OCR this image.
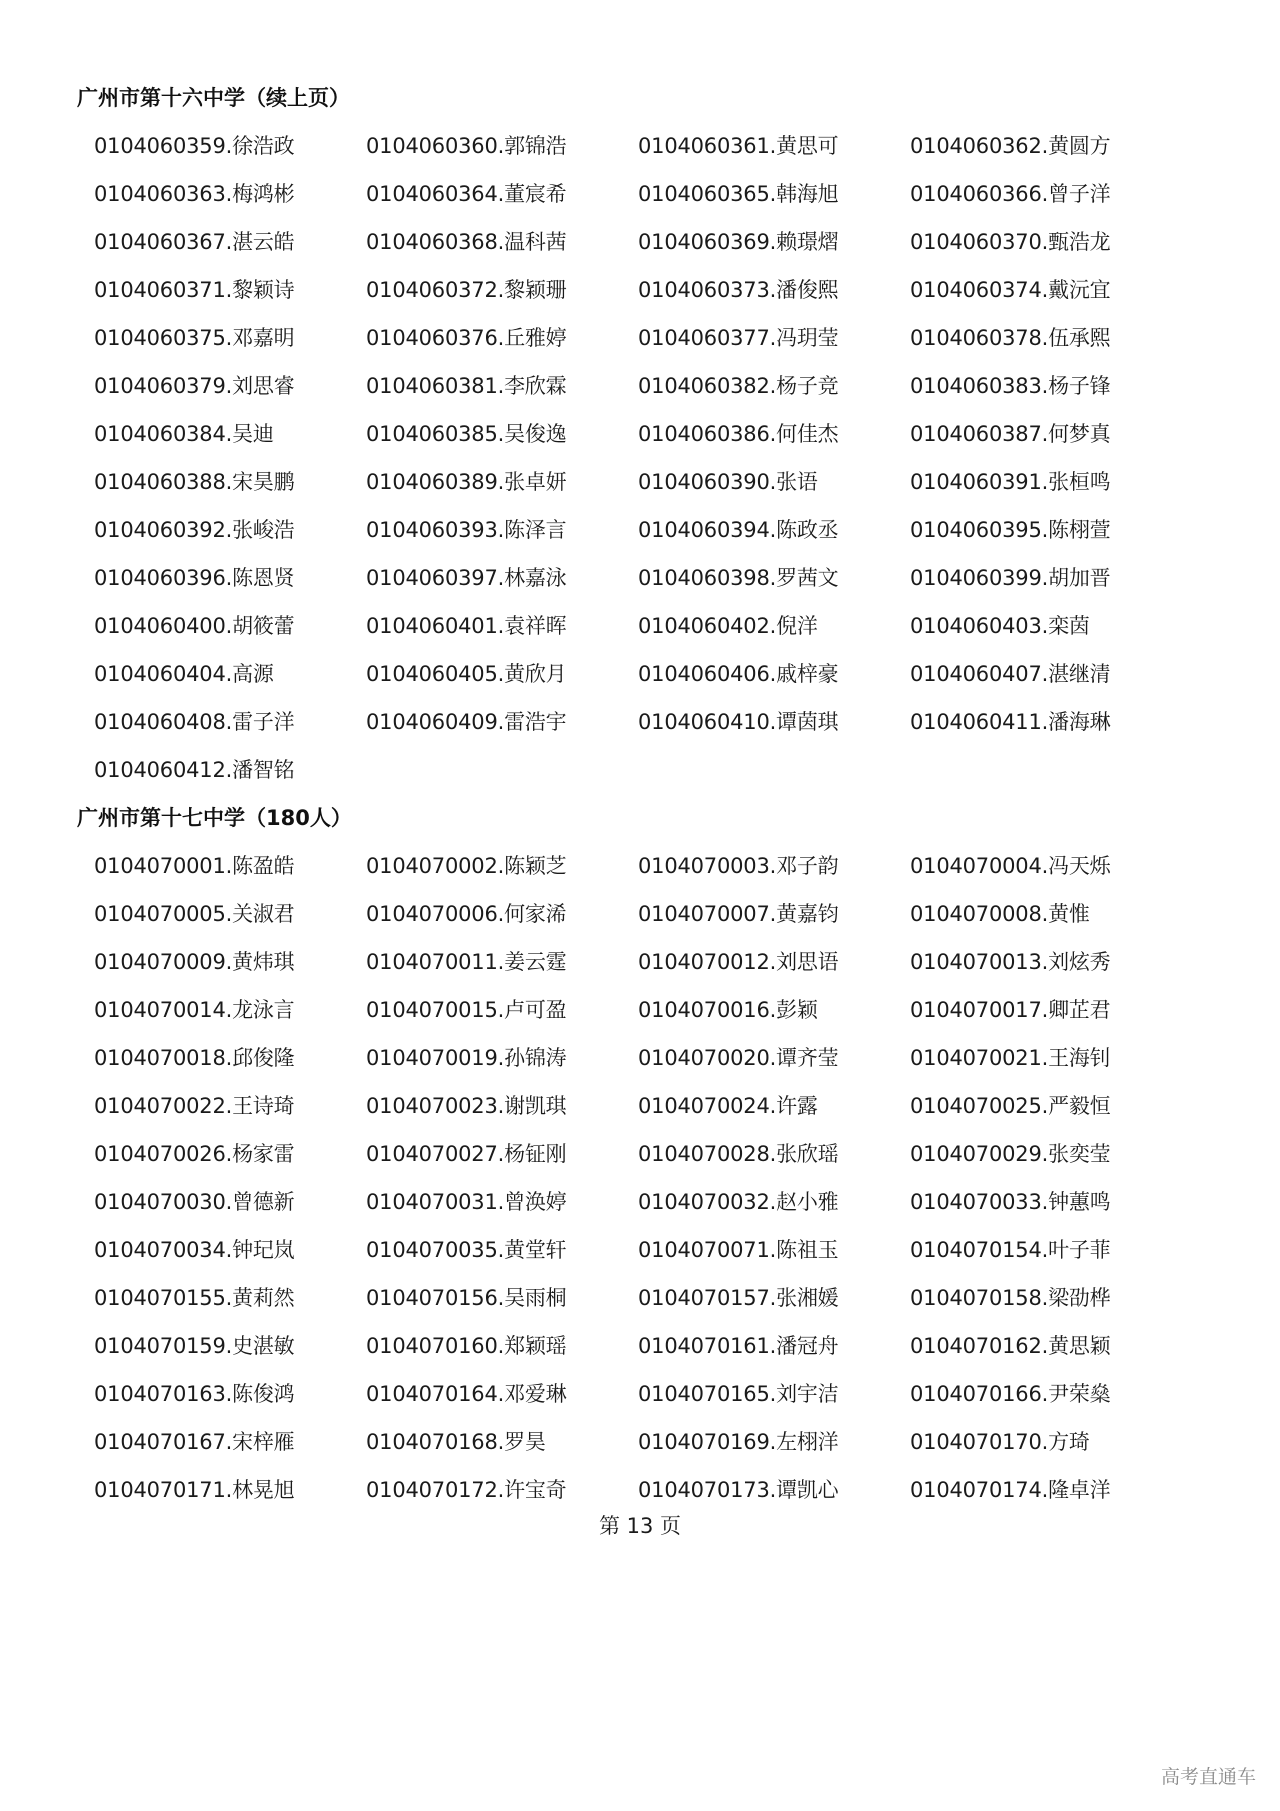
广州市第十六中学（续上页）
0104060359.徐浩政	0104060360.郭锦浩	0104060361.黄思可	0104060362.黄圆方
0104060363.梅鸿彬	0104060364.董宸希	0104060365.韩海旭	0104060366.曾子洋
0104060367.湛云皓	0104060368.温科茜	0104060369.赖璟熠	0104060370.甄浩龙
0104060371.黎颖诗	0104060372.黎颖珊	0104060373.潘俊熙	0104060374.戴沅宜
0104060375.邓嘉明	0104060376.丘雅婷	0104060377.冯玥莹	0104060378.伍承熙
0104060379.刘思睿	0104060381.李欣霖	0104060382.杨子竞	0104060383.杨子锋
0104060384.吴迪	0104060385.吴俊逸	0104060386.何佳杰	0104060387.何梦真
0104060388.宋昊鹏	0104060389.张卓妍	0104060390.张语	0104060391.张桓鸣
0104060392.张峻浩	0104060393.陈泽言	0104060394.陈政丞	0104060395.陈栩萱
0104060396.陈恩贤	0104060397.林嘉泳	0104060398.罗茜文	0104060399.胡加晋
0104060400.胡筱蕾	0104060401.袁祥晖	0104060402.倪洋	0104060403.栾茵
0104060404.高源	0104060405.黄欣月	0104060406.戚梓豪	0104060407.湛继清
0104060408.雷子洋	0104060409.雷浩宇	0104060410.谭茵琪	0104060411.潘海琳
0104060412.潘智铭
广州市第十七中学（180人）
0104070001.陈盈皓	0104070002.陈颖芝	0104070003.邓子韵	0104070004.冯天烁
0104070005.关淑君	0104070006.何家浠	0104070007.黄嘉钧	0104070008.黄惟
0104070009.黄炜琪	0104070011.姜云霆	0104070012.刘思语	0104070013.刘炫秀
0104070014.龙泳言	0104070015.卢可盈	0104070016.彭颖	0104070017.卿芷君
0104070018.邱俊隆	0104070019.孙锦涛	0104070020.谭齐莹	0104070021.王海钊
0104070022.王诗琦	0104070023.谢凯琪	0104070024.许露	0104070025.严毅恒
0104070026.杨家雷	0104070027.杨钲刚	0104070028.张欣瑶	0104070029.张奕莹
0104070030.曾德新	0104070031.曾涣婷	0104070032.赵小雅	0104070033.钟蕙鸣
0104070034.钟玘岚	0104070035.黄堂轩	0104070071.陈祖玉	0104070154.叶子菲
0104070155.黄莉然	0104070156.吴雨桐	0104070157.张湘媛	0104070158.梁劭桦
0104070159.史湛敏	0104070160.郑颖瑶	0104070161.潘冠舟	0104070162.黄思颖
0104070163.陈俊鸿	0104070164.邓爱琳	0104070165.刘宇洁	0104070166.尹荣燊
0104070167.宋梓雁	0104070168.罗昊	0104070169.左栩洋	0104070170.方琦
0104070171.林晃旭	0104070172.许宝奇	0104070173.谭凯心	0104070174.隆卓洋
第 13 页
高考直通车
